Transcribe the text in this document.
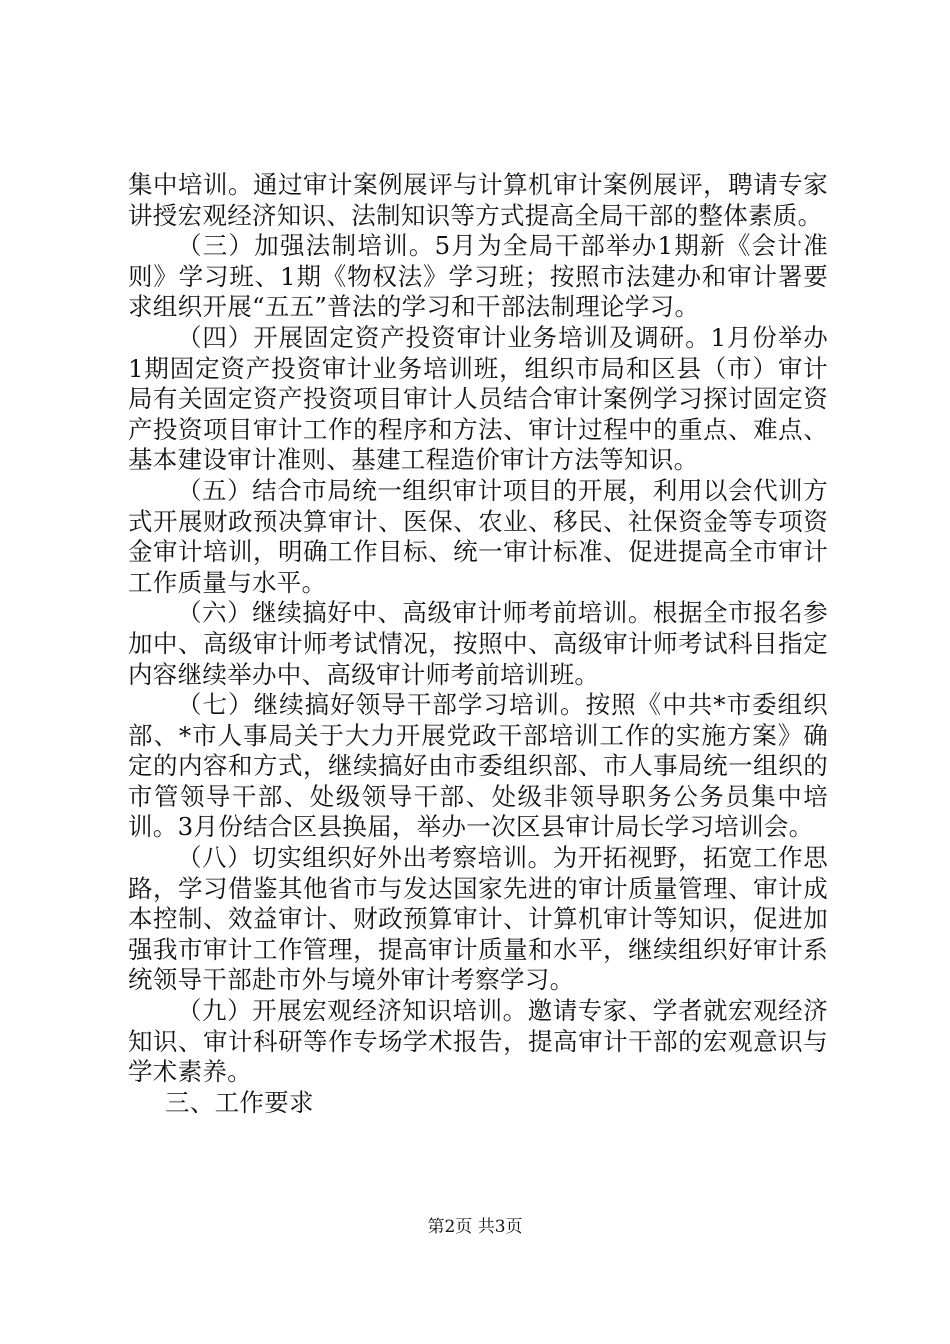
集中培训。通过审计案例展评与计算机审计案例展评，聘请专家讲授宏观经济知识、法制知识等方式提高全局干部的整体素质。

（三）加强法制培训。5月为全局干部举办1期新《会计准则》学习班、1期《物权法》学习班；按照市法建办和审计署要求组织开展“五五”普法的学习和干部法制理论学习。

（四）开展固定资产投资审计业务培训及调研。1月份举办1期固定资产投资审计业务培训班，组织市局和区县（市）审计局有关固定资产投资项目审计人员结合审计案例学习探讨固定资产投资项目审计工作的程序和方法、审计过程中的重点、难点、基本建设审计准则、基建工程造价审计方法等知识。

（五）结合市局统一组织审计项目的开展，利用以会代训方式开展财政预决算审计、医保、农业、移民、社保资金等专项资金审计培训，明确工作目标、统一审计标准、促进提高全市审计工作质量与水平。

（六）继续搞好中、高级审计师考前培训。根据全市报名参加中、高级审计师考试情况，按照中、高级审计师考试科目指定内容继续举办中、高级审计师考前培训班。

（七）继续搞好领导干部学习培训。按照《中共*市委组织部、*市人事局关于大力开展党政干部培训工作的实施方案》确定的内容和方式，继续搞好由市委组织部、市人事局统一组织的市管领导干部、处级领导干部、处级非领导职务公务员集中培训。3月份结合区县换届，举办一次区县审计局长学习培训会。

（八）切实组织好外出考察培训。为开拓视野，拓宽工作思路，学习借鉴其他省市与发达国家先进的审计质量管理、审计成本控制、效益审计、财政预算审计、计算机审计等知识，促进加强我市审计工作管理，提高审计质量和水平，继续组织好审计系统领导干部赴市外与境外审计考察学习。

（九）开展宏观经济知识培训。邀请专家、学者就宏观经济知识、审计科研等作专场学术报告，提高审计干部的宏观意识与学术素养。

三、工作要求

第2页 共3页
